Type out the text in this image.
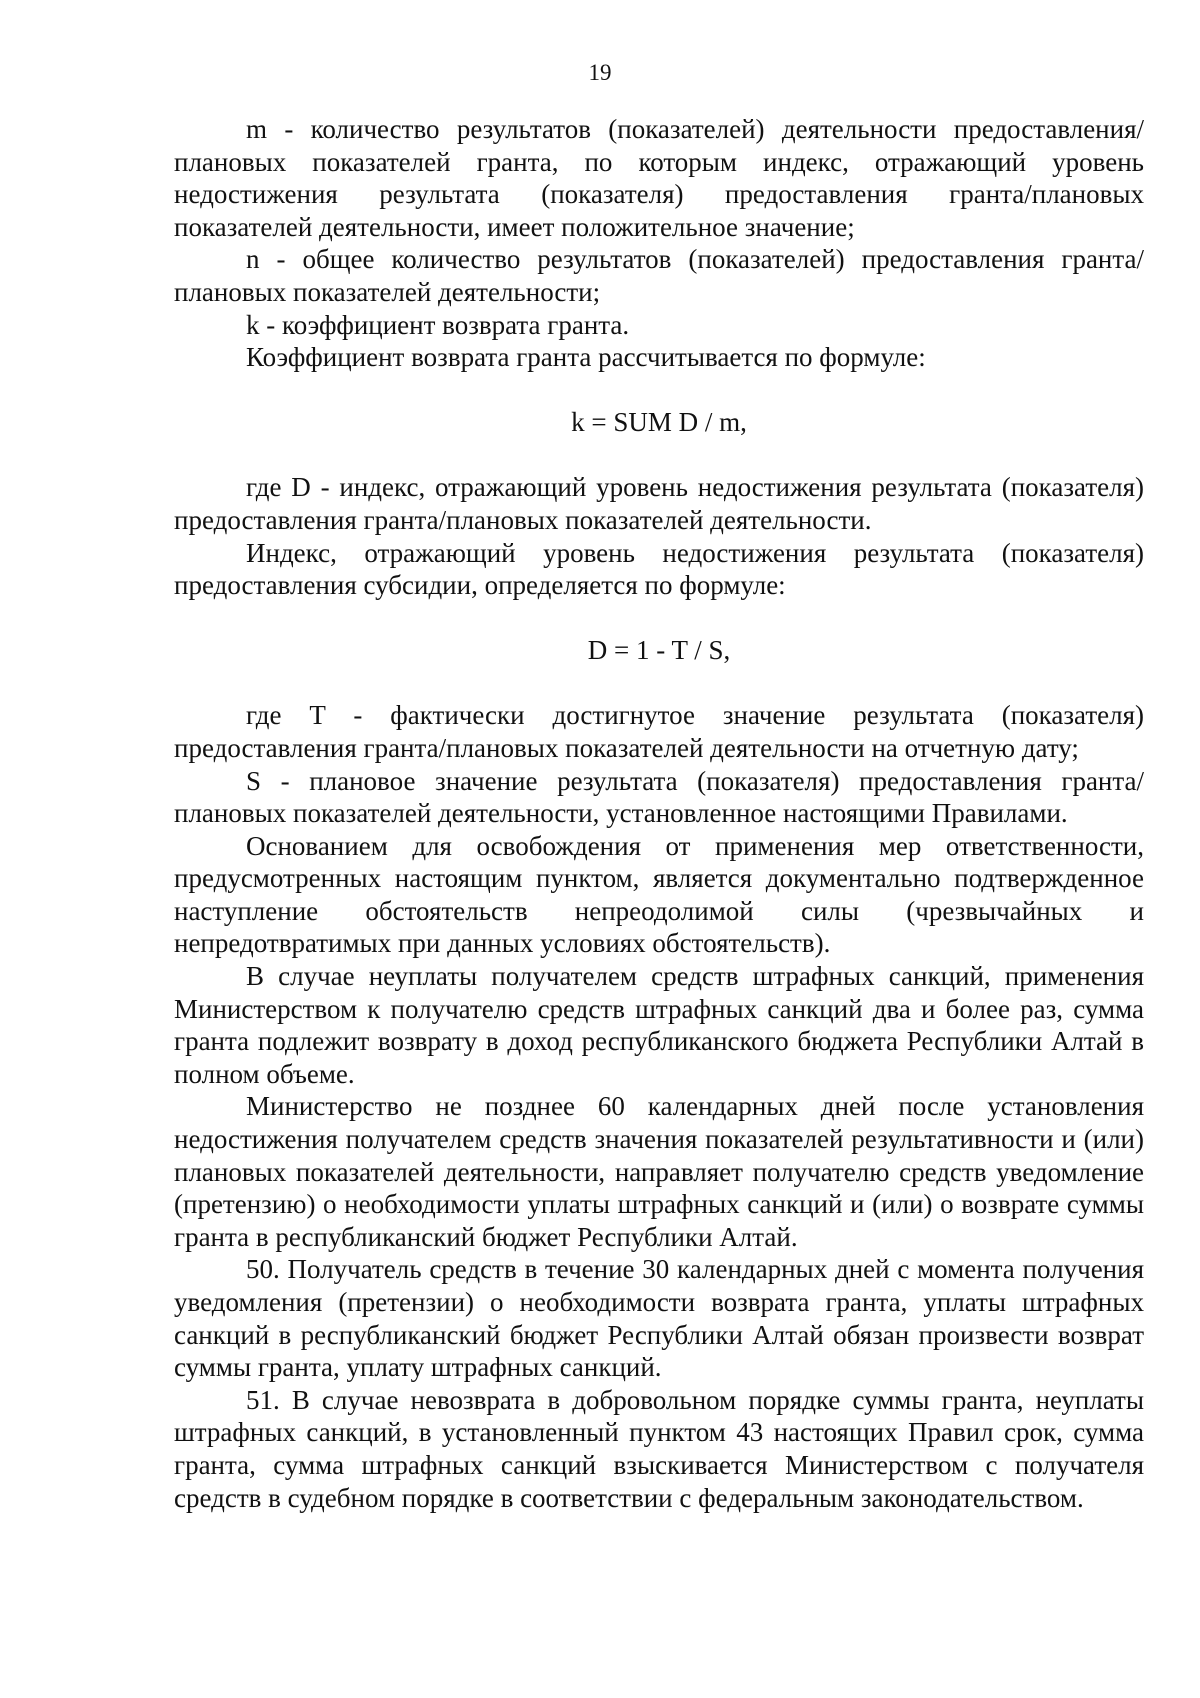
19

m - количество результатов (показателей) деятельности предоставления/плановых показателей гранта, по которым индекс, отражающий уровень недостижения результата (показателя) предоставления гранта/плановых показателей деятельности, имеет положительное значение;

n - общее количество результатов (показателей) предоставления гранта/плановых показателей деятельности;

k - коэффициент возврата гранта.

Коэффициент возврата гранта рассчитывается по формуле:

k = SUM D / m,

где D - индекс, отражающий уровень недостижения результата (показателя) предоставления гранта/плановых показателей деятельности.

Индекс, отражающий уровень недостижения результата (показателя) предоставления субсидии, определяется по формуле:

D = 1 - T / S,

где T - фактически достигнутое значение результата (показателя) предоставления гранта/плановых показателей деятельности на отчетную дату;

S - плановое значение результата (показателя) предоставления гранта/плановых показателей деятельности, установленное настоящими Правилами.

Основанием для освобождения от применения мер ответственности, предусмотренных настоящим пунктом, является документально подтвержденное наступление обстоятельств непреодолимой силы (чрезвычайных и непредотвратимых при данных условиях обстоятельств).

В случае неуплаты получателем средств штрафных санкций, применения Министерством к получателю средств штрафных санкций два и более раз, сумма гранта подлежит возврату в доход республиканского бюджета Республики Алтай в полном объеме.

Министерство не позднее 60 календарных дней после установления недостижения получателем средств значения показателей результативности и (или) плановых показателей деятельности, направляет получателю средств уведомление (претензию) о необходимости уплаты штрафных санкций и (или) о возврате суммы гранта в республиканский бюджет Республики Алтай.

50. Получатель средств в течение 30 календарных дней с момента получения уведомления (претензии) о необходимости возврата гранта, уплаты штрафных санкций в республиканский бюджет Республики Алтай обязан произвести возврат суммы гранта, уплату штрафных санкций.

51. В случае невозврата в добровольном порядке суммы гранта, неуплаты штрафных санкций, в установленный пунктом 43 настоящих Правил срок, сумма гранта, сумма штрафных санкций взыскивается Министерством с получателя средств в судебном порядке в соответствии с федеральным законодательством.
